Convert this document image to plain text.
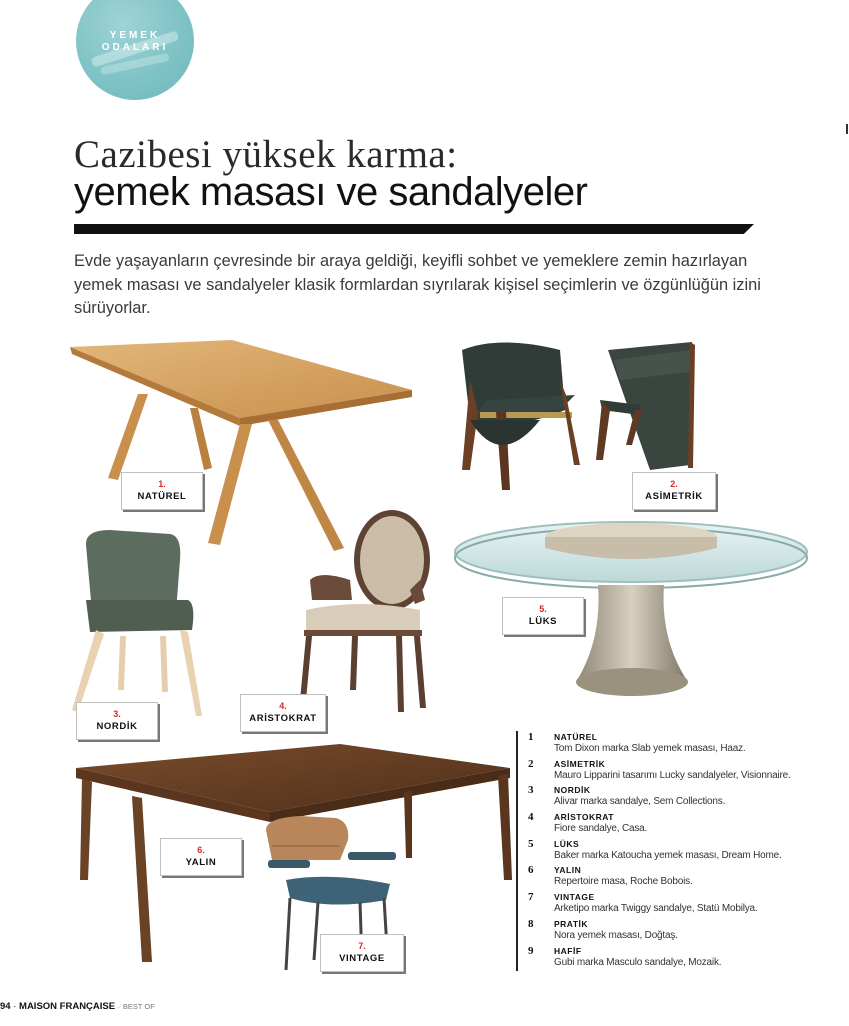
YEMEK
ODALARI
Cazibesi yüksek karma:
yemek masası ve sandalyeler

Evde yaşayanların çevresinde bir araya geldiği, keyifli sohbet ve yemeklere zemin hazırlayan yemek masası ve sandalyeler klasik formlardan sıyrılarak kişisel seçimlerin ve özgünlüğün izini sürüyorlar.

1.
NATÜREL
2.
ASİMETRİK
3.
NORDİK
4.
ARİSTOKRAT
5.
LÜKS
6.
YALIN
7.
VINTAGE
1 NATÜREL
Tom Dixon marka Slab yemek masası, Haaz.
2 ASİMETRİK
Mauro Lipparini tasarımı Lucky sandalyeler, Visionnaire.
3 NORDİK
Alivar marka sandalye, Sem Collections.
4 ARİSTOKRAT
Fiore sandalye, Casa.
5 LÜKS
Baker marka Katoucha yemek masası, Dream Home.
6 YALIN
Repertoire masa, Roche Bobois.
7 VINTAGE
Arketipo marka Twiggy sandalye, Statü Mobilya.
8 PRATİK
Nora yemek masası, Doğtaş.
9 HAFİF
Gubi marka Masculo sandalye, Mozaik.
94 · MAISON FRANÇAISE · BEST OF
